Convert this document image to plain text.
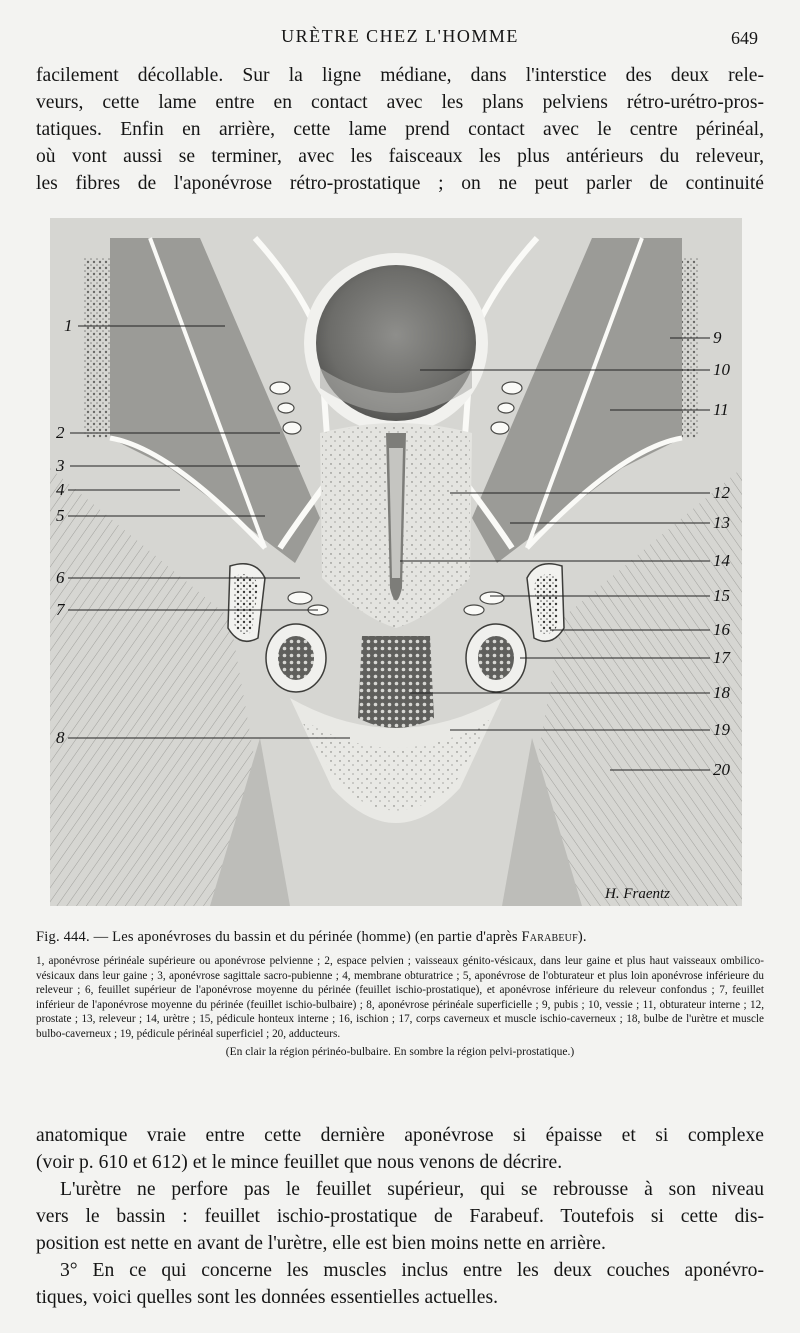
URÈTRE CHEZ L'HOMME	649
facilement décollable. Sur la ligne médiane, dans l'interstice des deux rele-
veurs, cette lame entre en contact avec les plans pelviens rétro-urétro-pros-
tatiques. Enfin en arrière, cette lame prend contact avec le centre périnéal,
où vont aussi se terminer, avec les faisceaux les plus antérieurs du releveur,
les fibres de l'aponévrose rétro-prostatique ; on ne peut parler de continuité
1
2
3
4
5
6
7
8
9
10
11
12
13
14
15
16
17
18
19
20
H. Fraentz
Fig. 444. — Les aponévroses du bassin et du périnée (homme) (en partie d'après Farabeuf).
1, aponévrose périnéale supérieure ou aponévrose pelvienne ; 2, espace pelvien ; vaisseaux génito-vésicaux, dans leur gaine et plus haut vaisseaux ombilico-vésicaux dans leur gaine ; 3, aponévrose sagittale sacro-pubienne ; 4, membrane obturatrice ; 5, aponévrose de l'obturateur et plus loin aponévrose inférieure du releveur ; 6, feuillet supérieur de l'aponévrose moyenne du périnée (feuillet ischio-prostatique), et aponévrose inférieure du releveur confondus ; 7, feuillet inférieur de l'aponévrose moyenne du périnée (feuillet ischio-bulbaire) ; 8, aponévrose périnéale superficielle ; 9, pubis ; 10, vessie ; 11, obturateur interne ; 12, prostate ; 13, releveur ; 14, urètre ; 15, pédicule honteux interne ; 16, ischion ; 17, corps caverneux et muscle ischio-caverneux ; 18, bulbe de l'urètre et muscle bulbo-caverneux ; 19, pédicule périnéal superficiel ; 20, adducteurs.
(En clair la région périnéo-bulbaire. En sombre la région pelvi-prostatique.)
anatomique vraie entre cette dernière aponévrose si épaisse et si complexe
(voir p. 610 et 612) et le mince feuillet que nous venons de décrire.
L'urètre ne perfore pas le feuillet supérieur, qui se rebrousse à son niveau
vers le bassin : feuillet ischio-prostatique de Farabeuf. Toutefois si cette dis-
position est nette en avant de l'urètre, elle est bien moins nette en arrière.
3° En ce qui concerne les muscles inclus entre les deux couches aponévro-
tiques, voici quelles sont les données essentielles actuelles.
